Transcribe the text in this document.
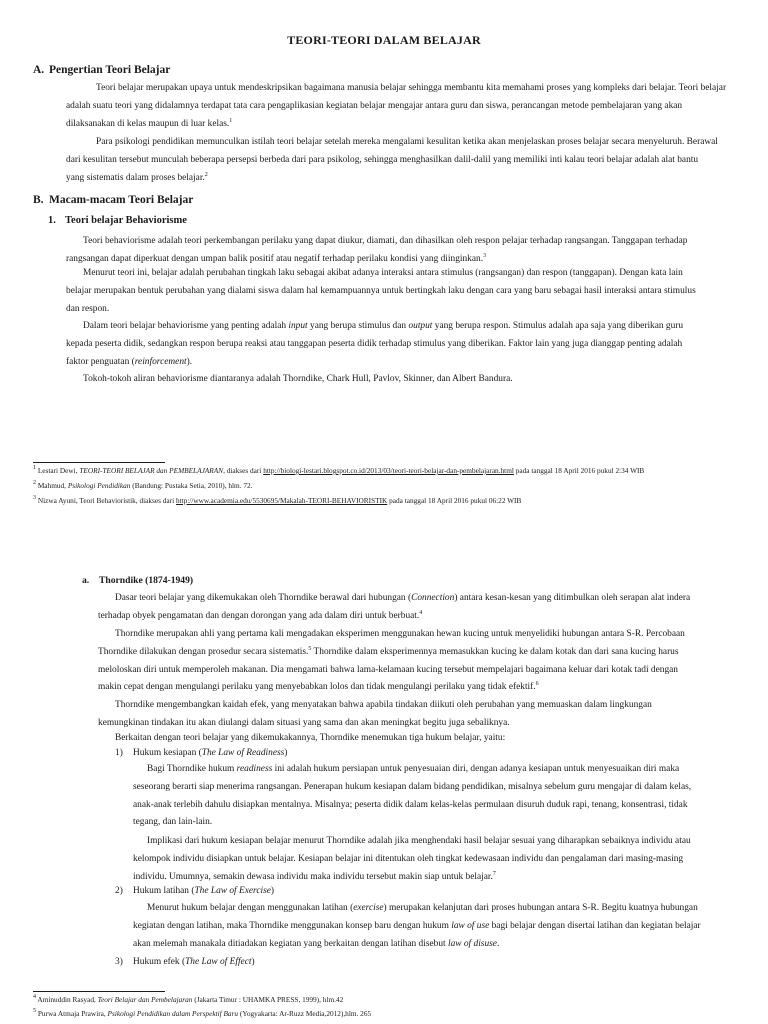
TEORI-TEORI DALAM BELAJAR
A. Pengertian Teori Belajar
Teori belajar merupakan upaya untuk mendeskripsikan bagaimana manusia belajar sehingga membantu kita memahami proses yang kompleks dari belajar. Teori belajar
adalah suatu teori yang didalamnya terdapat tata cara pengaplikasian kegiatan belajar mengajar antara guru dan siswa, perancangan metode pembelajaran yang akan
dilaksanakan di kelas maupun di luar kelas.$^1$
Para psikologi pendidikan memunculkan istilah teori belajar setelah mereka mengalami kesulitan ketika akan menjelaskan proses belajar secara menyeluruh. Berawal
dari kesulitan tersebut munculah beberapa persepsi berbeda dari para psikolog, sehingga menghasilkan dalil-dalil yang memiliki inti kalau teori belajar adalah alat bantu
yang sistematis dalam proses belajar.$^2$
B. Macam-macam Teori Belajar
1. Teori belajar Behaviorisme
Teori behaviorisme adalah teori perkembangan perilaku yang dapat diukur, diamati, dan dihasilkan oleh respon pelajar terhadap rangsangan. Tanggapan terhadap
rangsangan dapat diperkuat dengan umpan balik positif atau negatif terhadap perilaku kondisi yang diinginkan.$^3$
Menurut teori ini, belajar adalah perubahan tingkah laku sebagai akibat adanya interaksi antara stimulus (rangsangan) dan respon (tanggapan). Dengan kata lain
belajar merupakan bentuk perubahan yang dialami siswa dalam hal kemampuannya untuk bertingkah laku dengan cara yang baru sebagai hasil interaksi antara stimulus
dan respon.
Dalam teori belajar behaviorisme yang penting adalah input yang berupa stimulus dan output yang berupa respon. Stimulus adalah apa saja yang diberikan guru
kepada peserta didik, sedangkan respon berupa reaksi atau tanggapan peserta didik terhadap stimulus yang diberikan. Faktor lain yang juga dianggap penting adalah
faktor penguatan (reinforcement).
Tokoh-tokoh aliran behaviorisme diantaranya adalah Thorndike, Chark Hull, Pavlov, Skinner, dan Albert Bandura.
$^1$ Lestari Dewi, TEORI-TEORI BELAJAR dan PEMBELAJARAN, diakses dari http://biologi-lestari.blogspot.co.id/2013/03/teori-teori-belajar-dan-pembelajaran.html pada tanggal 18 April 2016 pukul 2:34 WIB
$^2$ Mahmud, Psikologi Pendidikan (Bandung: Pustaka Setia, 2010), hlm. 72.
$^3$ Nizwa Ayuni, Teori Behavioristik, diakses dari http://www.academia.edu/5530695/Makalah-TEORI-BEHAVIORISTIK pada tanggal 18 April 2016 pukul 06:22 WIB
a. Thorndike (1874-1949)
Dasar teori belajar yang dikemukakan oleh Thorndike berawal dari hubungan (Connection) antara kesan-kesan yang ditimbulkan oleh serapan alat indera
terhadap obyek pengamatan dan dengan dorongan yang ada dalam diri untuk berbuat.$^4$
Thorndike merupakan ahli yang pertama kali mengadakan eksperimen menggunakan hewan kucing untuk menyelidiki hubungan antara S-R. Percobaan
Thorndike dilakukan dengan prosedur secara sistematis.$^5$ Thorndike dalam eksperimennya memasukkan kucing ke dalam kotak dan dari sana kucing harus
meloloskan diri untuk memperoleh makanan. Dia mengamati bahwa lama-kelamaan kucing tersebut mempelajari bagaimana keluar dari kotak tadi dengan
makin cepat dengan mengulangi perilaku yang menyebabkan lolos dan tidak mengulangi perilaku yang tidak efektif.$^6$
Thorndike mengembangkan kaidah efek, yang menyatakan bahwa apabila tindakan diikuti oleh perubahan yang memuaskan dalam lingkungan
kemungkinan tindakan itu akan diulangi dalam situasi yang sama dan akan meningkat begitu juga sebaliknya.
Berkaitan dengan teori belajar yang dikemukakannya, Thorndike menemukan tiga hukum belajar, yaitu:
1) Hukum kesiapan (The Law of Readiness)
Bagi Thorndike hukum readiness ini adalah hukum persiapan untuk penyesuaian diri, dengan adanya kesiapan untuk menyesuaikan diri maka
seseorang berarti siap menerima rangsangan. Penerapan hukum kesiapan dalam bidang pendidikan, misalnya sebelum guru mengajar di dalam kelas,
anak-anak terlebih dahulu disiapkan mentalnya. Misalnya; peserta didik dalam kelas-kelas permulaan disuruh duduk rapi, tenang, konsentrasi, tidak
tegang, dan lain-lain.
Implikasi dari hukum kesiapan belajar menurut Thorndike adalah jika menghendaki hasil belajar sesuai yang diharapkan sebaiknya individu atau
kelompok individu disiapkan untuk belajar. Kesiapan belajar ini ditentukan oleh tingkat kedewasaan individu dan pengalaman dari masing-masing
individu. Umumnya, semakin dewasa individu maka individu tersebut makin siap untuk belajar.$^7$
2) Hukum latihan (The Law of Exercise)
Menurut hukum belajar dengan menggunakan latihan (exercise) merupakan kelanjutan dari proses hubungan antara S-R. Begitu kuatnya hubungan
kegiatan dengan latihan, maka Thorndike menggunakan konsep baru dengan hukum law of use bagi belajar dengan disertai latihan dan kegiatan belajar
akan melemah manakala ditiadakan kegiatan yang berkaitan dengan latihan disebut law of disuse.
3) Hukum efek (The Law of Effect)
$^4$ Aminuddin Rasyad, Teori Belajar dan Pembelajaran (Jakarta Timur : UHAMKA PRESS, 1999), hlm.42
$^5$ Purwa Atmaja Prawira, Psikologi Pendidikan dalam Perspektif Baru (Yogyakarta: Ar-Ruzz Media,2012),hlm. 265
